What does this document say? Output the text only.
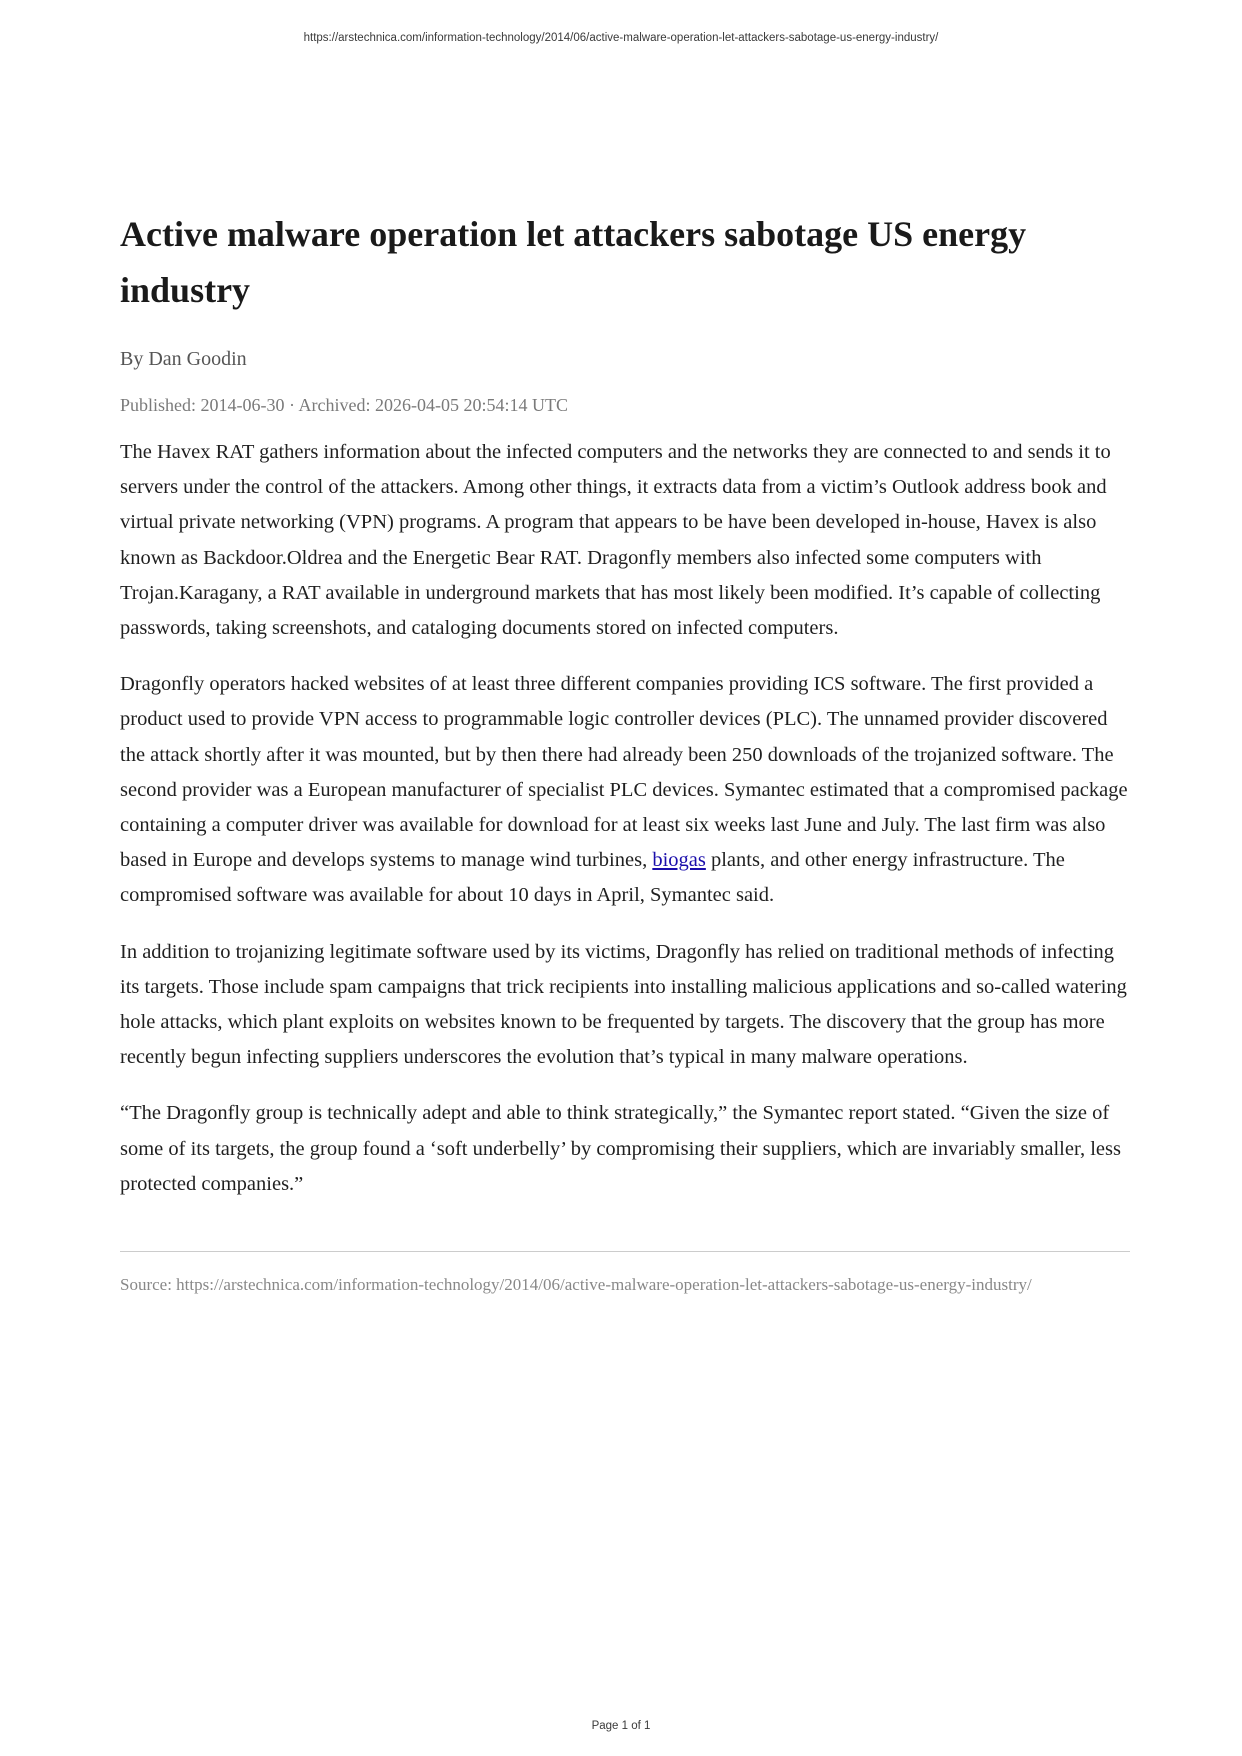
https://arstechnica.com/information-technology/2014/06/active-malware-operation-let-attackers-sabotage-us-energy-industry/
Active malware operation let attackers sabotage US energy industry

By Dan Goodin

Published: 2014-06-30 · Archived: 2026-04-05 20:54:14 UTC

The Havex RAT gathers information about the infected computers and the networks they are connected to and sends it to servers under the control of the attackers. Among other things, it extracts data from a victim’s Outlook address book and virtual private networking (VPN) programs. A program that appears to be have been developed in-house, Havex is also known as Backdoor.Oldrea and the Energetic Bear RAT. Dragonfly members also infected some computers with Trojan.Karagany, a RAT available in underground markets that has most likely been modified. It’s capable of collecting passwords, taking screenshots, and cataloging documents stored on infected computers.

Dragonfly operators hacked websites of at least three different companies providing ICS software. The first provided a product used to provide VPN access to programmable logic controller devices (PLC). The unnamed provider discovered the attack shortly after it was mounted, but by then there had already been 250 downloads of the trojanized software. The second provider was a European manufacturer of specialist PLC devices. Symantec estimated that a compromised package containing a computer driver was available for download for at least six weeks last June and July. The last firm was also based in Europe and develops systems to manage wind turbines, biogas plants, and other energy infrastructure. The compromised software was available for about 10 days in April, Symantec said.

In addition to trojanizing legitimate software used by its victims, Dragonfly has relied on traditional methods of infecting its targets. Those include spam campaigns that trick recipients into installing malicious applications and so-called watering hole attacks, which plant exploits on websites known to be frequented by targets. The discovery that the group has more recently begun infecting suppliers underscores the evolution that’s typical in many malware operations.

“The Dragonfly group is technically adept and able to think strategically,” the Symantec report stated. “Given the size of some of its targets, the group found a ‘soft underbelly’ by compromising their suppliers, which are invariably smaller, less protected companies.”

Source: https://arstechnica.com/information-technology/2014/06/active-malware-operation-let-attackers-sabotage-us-energy-industry/

Page 1 of 1
